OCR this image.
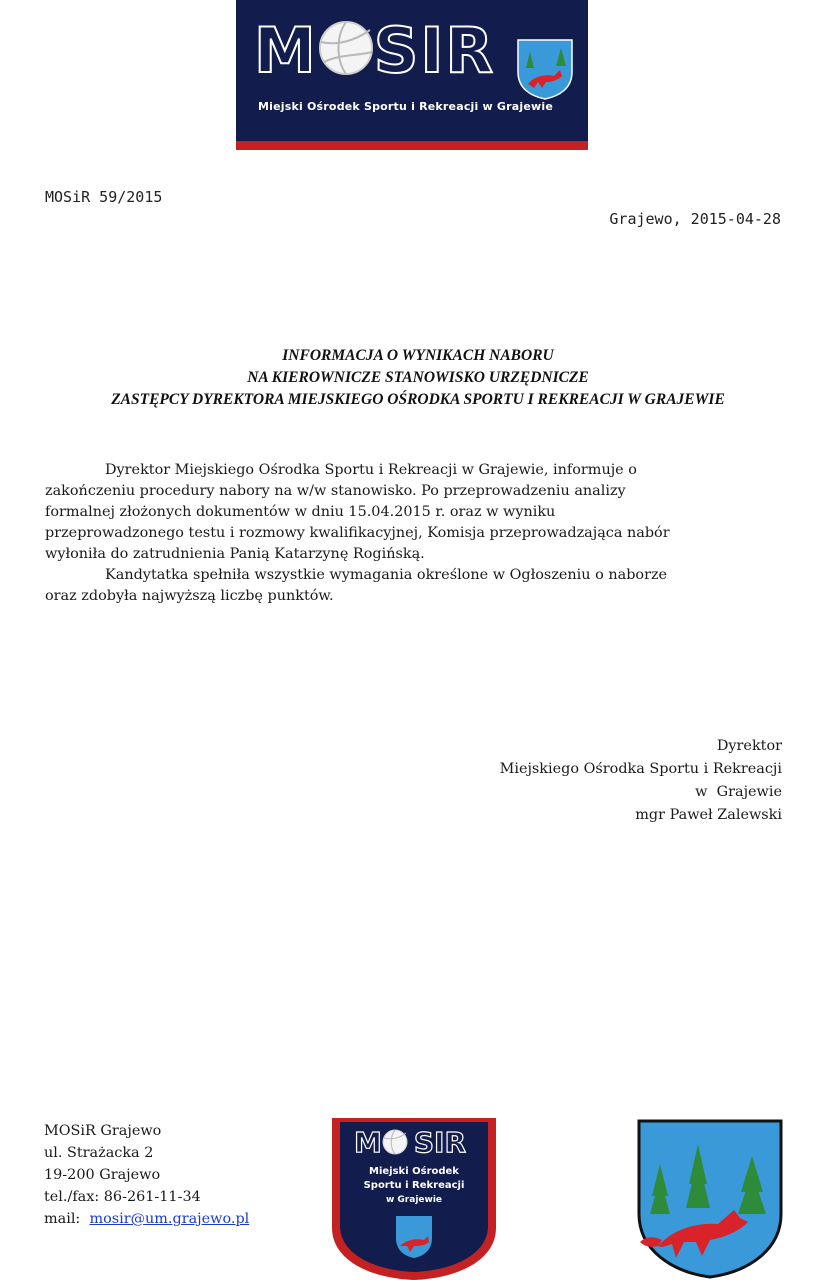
M SIR
Miejski Ośrodek Sportu i Rekreacji w Grajewie
MOSiR 59/2015
Grajewo, 2015-04-28
INFORMACJA O WYNIKACH NABORU
NA KIEROWNICZE STANOWISKO URZĘDNICZE
ZASTĘPCY DYREKTORA MIEJSKIEGO OŚRODKA SPORTU I REKREACJI W GRAJEWIE
Dyrektor Miejskiego Ośrodka Sportu i Rekreacji w Grajewie, informuje o
zakończeniu procedury nabory na w/w stanowisko. Po przeprowadzeniu analizy
formalnej złożonych dokumentów w dniu 15.04.2015 r. oraz w wyniku
przeprowadzonego testu i rozmowy kwalifikacyjnej, Komisja przeprowadzająca nabór
wyłoniła do zatrudnienia Panią Katarzynę Rogińską.
Kandytatka spełniła wszystkie wymagania określone w Ogłoszeniu o naborze
oraz zdobyła najwyższą liczbę punktów.
Dyrektor
Miejskiego Ośrodka Sportu i Rekreacji
w  Grajewie
mgr Paweł Zalewski
MOSiR Grajewo
ul. Strażacka 2
19-200 Grajewo
tel./fax: 86-261-11-34
mail: mosir@um.grajewo.pl
M SIR
Miejski Ośrodek
Sportu i Rekreacji
w Grajewie
